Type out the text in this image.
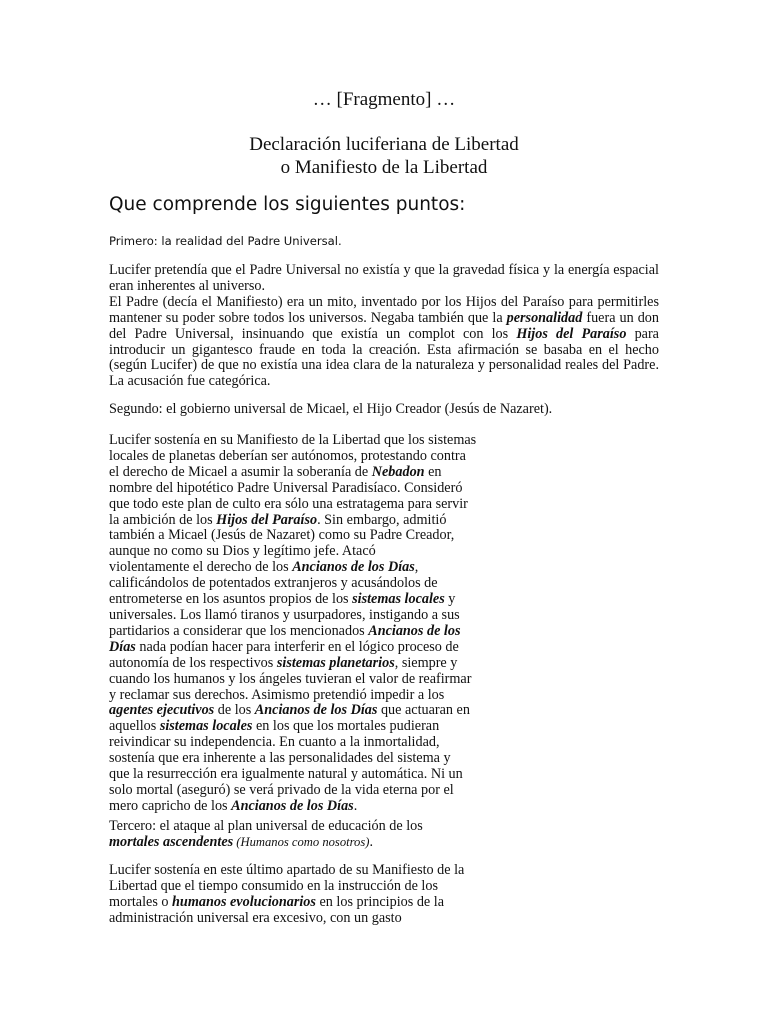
… [Fragmento] …
Declaración luciferiana de Libertad
o Manifiesto de la Libertad
Que comprende los siguientes puntos:
Primero: la realidad del Padre Universal.
Lucifer pretendía que el Padre Universal no existía y que la gravedad física y la energía espacial
eran inherentes al universo.
El Padre (decía el Manifiesto) era un mito, inventado por los Hijos del Paraíso para permitirles
mantener su poder sobre todos los universos. Negaba también que la personalidad fuera un don
del Padre Universal, insinuando que existía un complot con los Hijos del Paraíso para
introducir un gigantesco fraude en toda la creación. Esta afirmación se basaba en el hecho
(según Lucifer) de que no existía una idea clara de la naturaleza y personalidad reales del Padre.
La acusación fue categórica.
Segundo: el gobierno universal de Micael, el Hijo Creador (Jesús de Nazaret).
Lucifer sostenía en su Manifiesto de la Libertad que los sistemas
locales de planetas deberían ser autónomos, protestando contra
el derecho de Micael a asumir la soberanía de Nebadon en
nombre del hipotético Padre Universal Paradisíaco. Consideró
que todo este plan de culto era sólo una estratagema para servir
la ambición de los Hijos del Paraíso. Sin embargo, admitió
también a Micael (Jesús de Nazaret) como su Padre Creador,
aunque no como su Dios y legítimo jefe. Atacó
violentamente el derecho de los Ancianos de los Días,
calificándolos de potentados extranjeros y acusándolos de
entrometerse en los asuntos propios de los sistemas locales y
universales. Los llamó tiranos y usurpadores, instigando a sus
partidarios a considerar que los mencionados Ancianos de los
Días nada podían hacer para interferir en el lógico proceso de
autonomía de los respectivos sistemas planetarios, siempre y
cuando los humanos y los ángeles tuvieran el valor de reafirmar
y reclamar sus derechos. Asimismo pretendió impedir a los
agentes ejecutivos de los Ancianos de los Días que actuaran en
aquellos sistemas locales en los que los mortales pudieran
reivindicar su independencia. En cuanto a la inmortalidad,
sostenía que era inherente a las personalidades del sistema y
que la resurrección era igualmente natural y automática. Ni un
solo mortal (aseguró) se verá privado de la vida eterna por el
mero capricho de los Ancianos de los Días.
Tercero: el ataque al plan universal de educación de los
mortales ascendentes (Humanos como nosotros).
Lucifer sostenía en este último apartado de su Manifiesto de la
Libertad que el tiempo consumido en la instrucción de los
mortales o humanos evolucionarios en los principios de la
administración universal era excesivo, con un gasto
